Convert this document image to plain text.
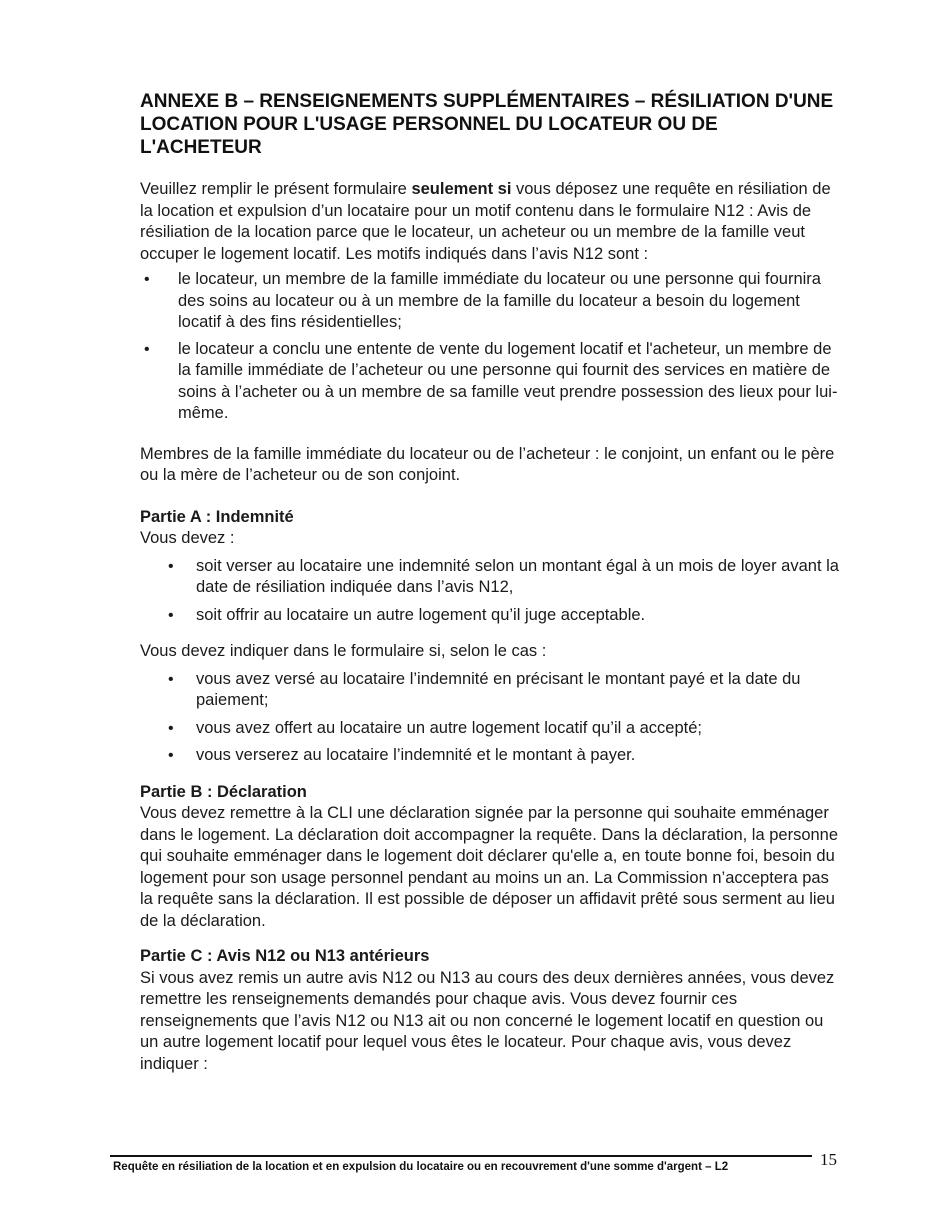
ANNEXE B – RENSEIGNEMENTS SUPPLÉMENTAIRES – RÉSILIATION D'UNE LOCATION POUR L'USAGE PERSONNEL DU LOCATEUR OU DE L'ACHETEUR

Veuillez remplir le présent formulaire seulement si vous déposez une requête en résiliation de la location et expulsion d’un locataire pour un motif contenu dans le formulaire N12 : Avis de résiliation de la location parce que le locateur, un acheteur ou un membre de la famille veut occuper le logement locatif. Les motifs indiqués dans l’avis N12 sont :

• le locateur, un membre de la famille immédiate du locateur ou une personne qui fournira des soins au locateur ou à un membre de la famille du locateur a besoin du logement locatif à des fins résidentielles;
• le locateur a conclu une entente de vente du logement locatif et l'acheteur, un membre de la famille immédiate de l’acheteur ou une personne qui fournit des services en matière de soins à l’acheter ou à un membre de sa famille veut prendre possession des lieux pour lui-même.

Membres de la famille immédiate du locateur ou de l’acheteur : le conjoint, un enfant ou le père ou la mère de l’acheteur ou de son conjoint.

Partie A : Indemnité

Vous devez :

• soit verser au locataire une indemnité selon un montant égal à un mois de loyer avant la date de résiliation indiquée dans l’avis N12,
• soit offrir au locataire un autre logement qu’il juge acceptable.

Vous devez indiquer dans le formulaire si, selon le cas :

• vous avez versé au locataire l’indemnité en précisant le montant payé et la date du paiement;
• vous avez offert au locataire un autre logement locatif qu’il a accepté;
• vous verserez au locataire l’indemnité et le montant à payer.

Partie B : Déclaration

Vous devez remettre à la CLI une déclaration signée par la personne qui souhaite emménager dans le logement. La déclaration doit accompagner la requête. Dans la déclaration, la personne qui souhaite emménager dans le logement doit déclarer qu'elle a, en toute bonne foi, besoin du logement pour son usage personnel pendant au moins un an. La Commission n’acceptera pas la requête sans la déclaration. Il est possible de déposer un affidavit prêté sous serment au lieu de la déclaration.

Partie C : Avis N12 ou N13 antérieurs

Si vous avez remis un autre avis N12 ou N13 au cours des deux dernières années, vous devez remettre les renseignements demandés pour chaque avis. Vous devez fournir ces renseignements que l’avis N12 ou N13 ait ou non concerné le logement locatif en question ou un autre logement locatif pour lequel vous êtes le locateur. Pour chaque avis, vous devez indiquer :

Requête en résiliation de la location et en expulsion du locataire ou en recouvrement d'une somme d'argent – L2	15
